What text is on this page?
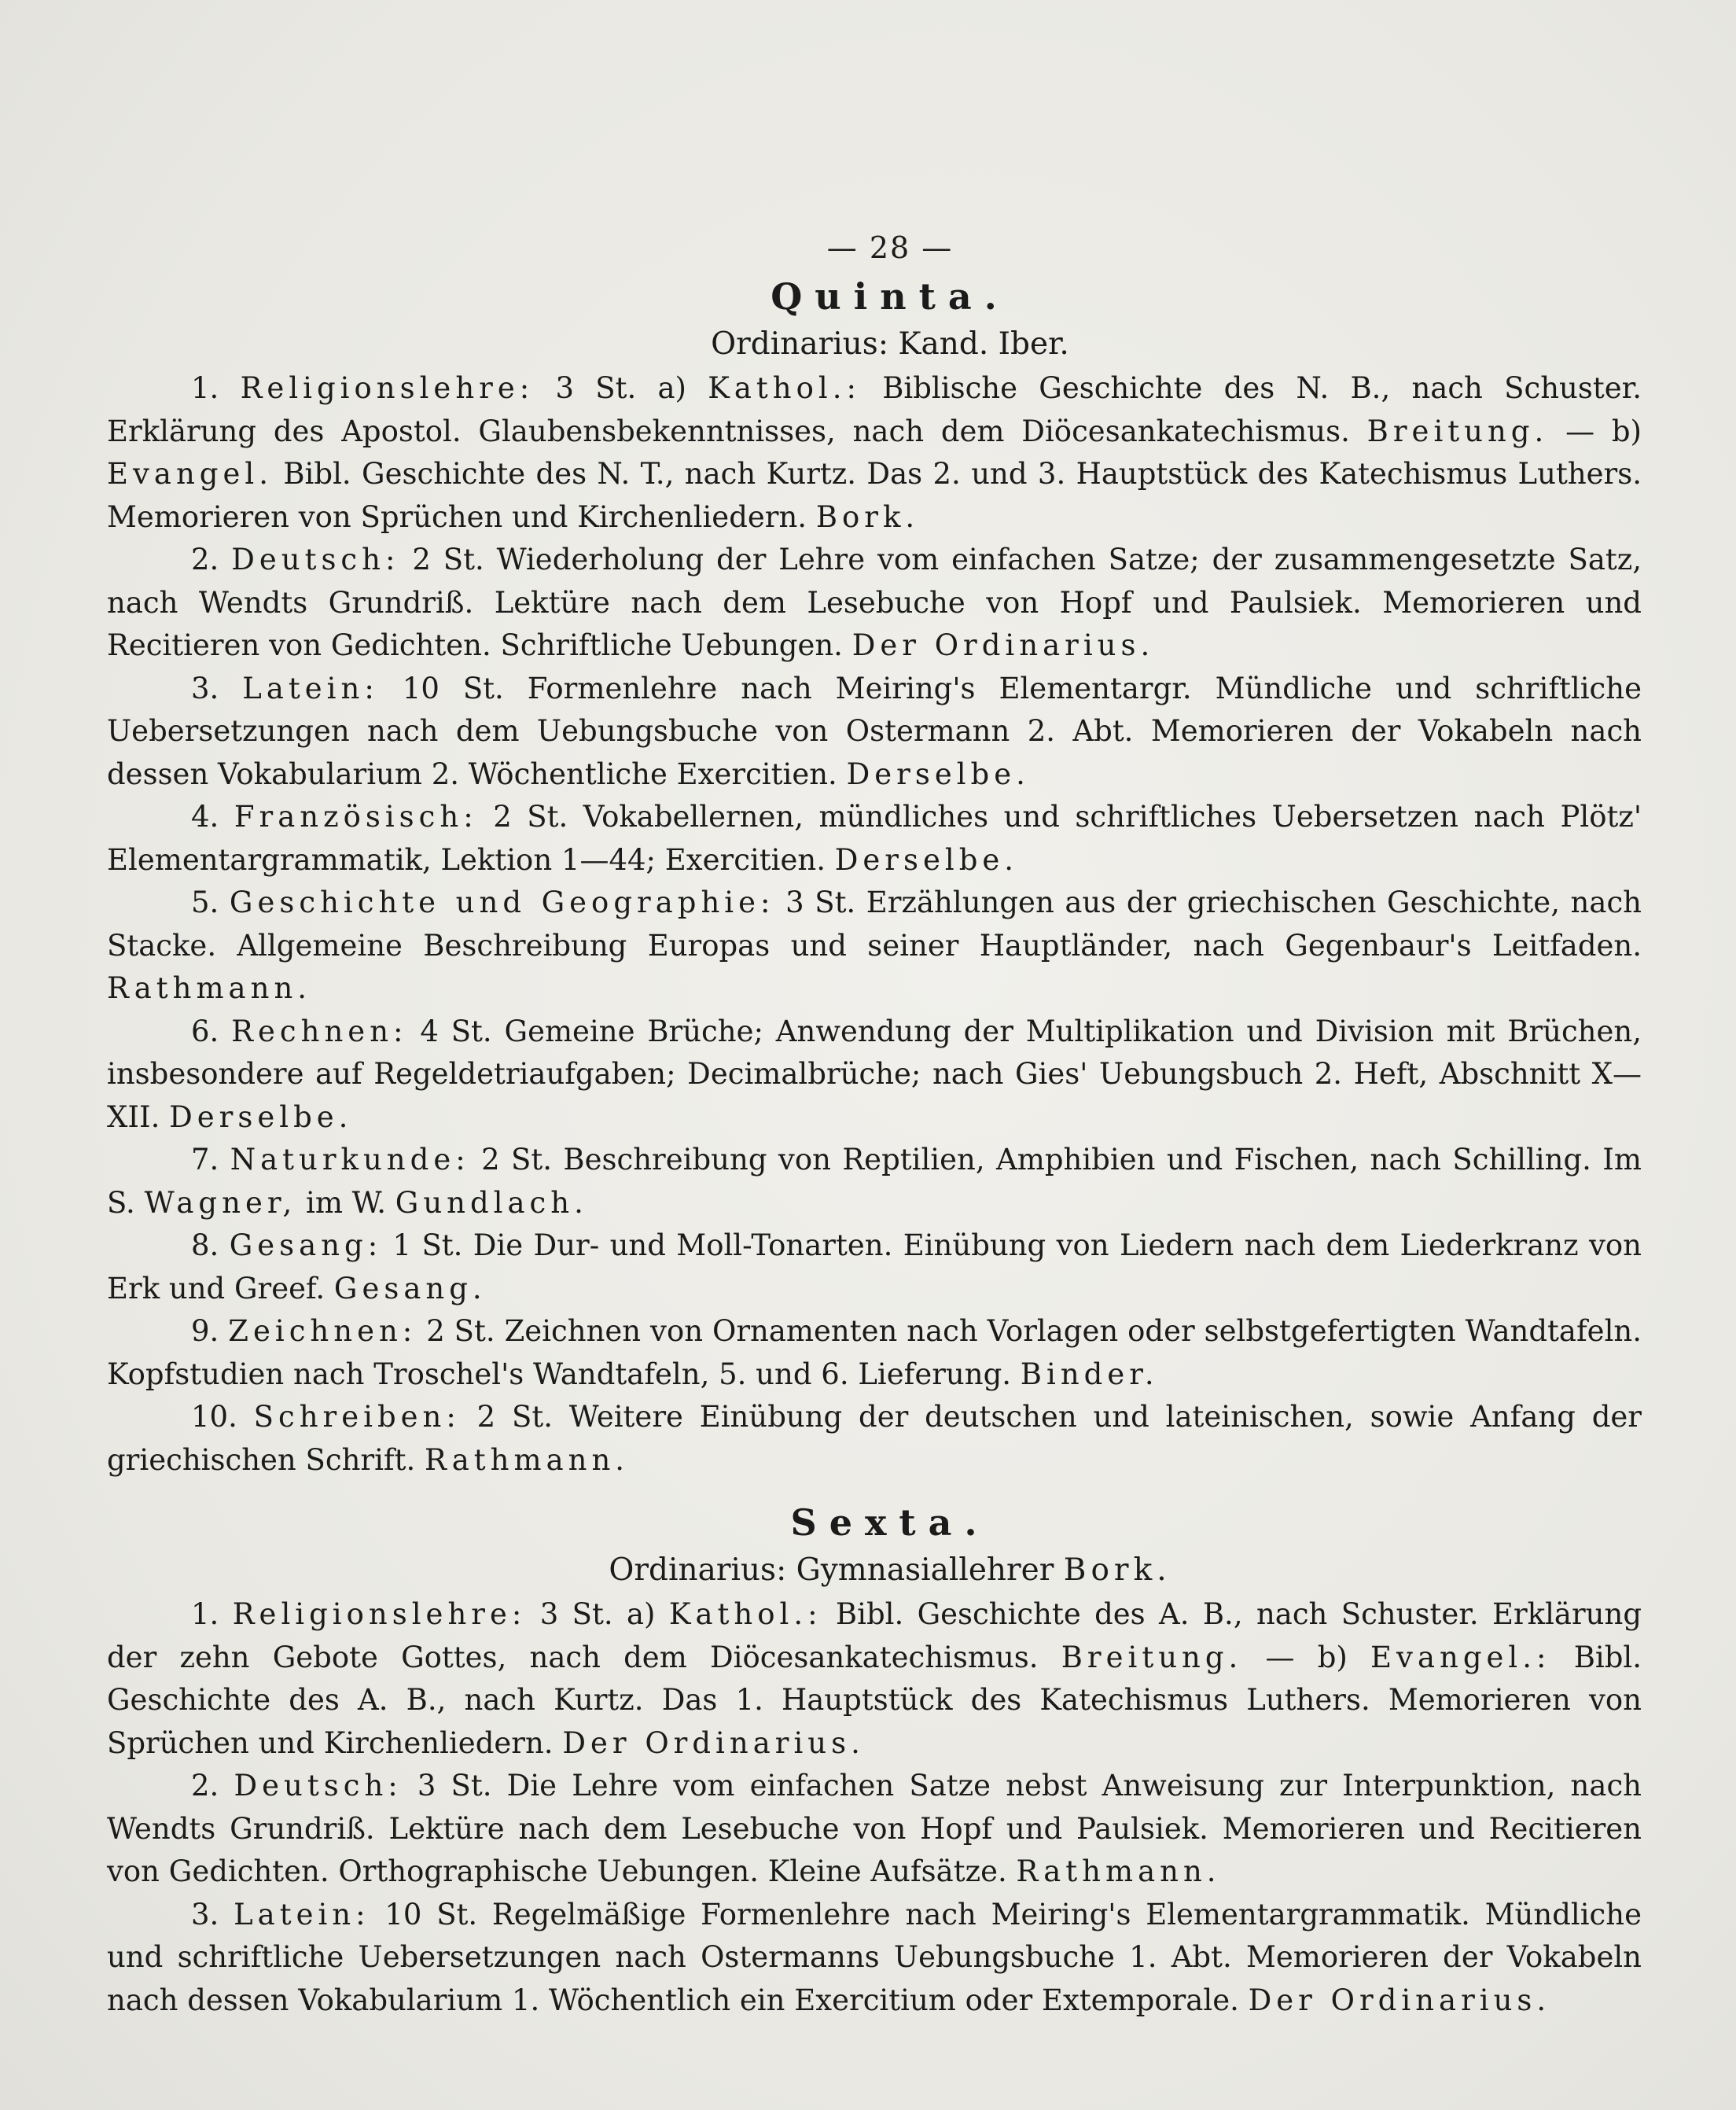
— 28 —
Quinta.
Ordinarius: Kand. Iber.

1. Religionslehre: 3 St. a) Kathol.: Biblische Geschichte des N. B., nach Schuster. Erklärung des Apostol. Glaubensbekenntnisses, nach dem Diöcesankatechismus. Breitung. — b) Evangel. Bibl. Geschichte des N. T., nach Kurtz. Das 2. und 3. Hauptstück des Katechismus Luthers. Memorieren von Sprüchen und Kirchenliedern. Bork.

2. Deutsch: 2 St. Wiederholung der Lehre vom einfachen Satze; der zusammengesetzte Satz, nach Wendts Grundriß. Lektüre nach dem Lesebuche von Hopf und Paulsiek. Memorieren und Recitieren von Gedichten. Schriftliche Uebungen. Der Ordinarius.

3. Latein: 10 St. Formenlehre nach Meiring's Elementargr. Mündliche und schriftliche Uebersetzungen nach dem Uebungsbuche von Ostermann 2. Abt. Memorieren der Vokabeln nach dessen Vokabularium 2. Wöchentliche Exercitien. Derselbe.

4. Französisch: 2 St. Vokabellernen, mündliches und schriftliches Uebersetzen nach Plötz' Elementargrammatik, Lektion 1—44; Exercitien. Derselbe.

5. Geschichte und Geographie: 3 St. Erzählungen aus der griechischen Geschichte, nach Stacke. Allgemeine Beschreibung Europas und seiner Hauptländer, nach Gegenbaur's Leitfaden. Rathmann.

6. Rechnen: 4 St. Gemeine Brüche; Anwendung der Multiplikation und Division mit Brüchen, insbesondere auf Regeldetriaufgaben; Decimalbrüche; nach Gies' Uebungsbuch 2. Heft, Abschnitt X—XII. Derselbe.

7. Naturkunde: 2 St. Beschreibung von Reptilien, Amphibien und Fischen, nach Schilling. Im S. Wagner, im W. Gundlach.

8. Gesang: 1 St. Die Dur- und Moll-Tonarten. Einübung von Liedern nach dem Liederkranz von Erk und Greef. Gesang.

9. Zeichnen: 2 St. Zeichnen von Ornamenten nach Vorlagen oder selbstgefertigten Wandtafeln. Kopfstudien nach Troschel's Wandtafeln, 5. und 6. Lieferung. Binder.

10. Schreiben: 2 St. Weitere Einübung der deutschen und lateinischen, sowie Anfang der griechischen Schrift. Rathmann.

Sexta.
Ordinarius: Gymnasiallehrer Bork.

1. Religionslehre: 3 St. a) Kathol.: Bibl. Geschichte des A. B., nach Schuster. Erklärung der zehn Gebote Gottes, nach dem Diöcesankatechismus. Breitung. — b) Evangel.: Bibl. Geschichte des A. B., nach Kurtz. Das 1. Hauptstück des Katechismus Luthers. Memorieren von Sprüchen und Kirchenliedern. Der Ordinarius.

2. Deutsch: 3 St. Die Lehre vom einfachen Satze nebst Anweisung zur Interpunktion, nach Wendts Grundriß. Lektüre nach dem Lesebuche von Hopf und Paulsiek. Memorieren und Recitieren von Gedichten. Orthographische Uebungen. Kleine Aufsätze. Rathmann.

3. Latein: 10 St. Regelmäßige Formenlehre nach Meiring's Elementargrammatik. Mündliche und schriftliche Uebersetzungen nach Ostermanns Uebungsbuche 1. Abt. Memorieren der Vokabeln nach dessen Vokabularium 1. Wöchentlich ein Exercitium oder Extemporale. Der Ordinarius.
